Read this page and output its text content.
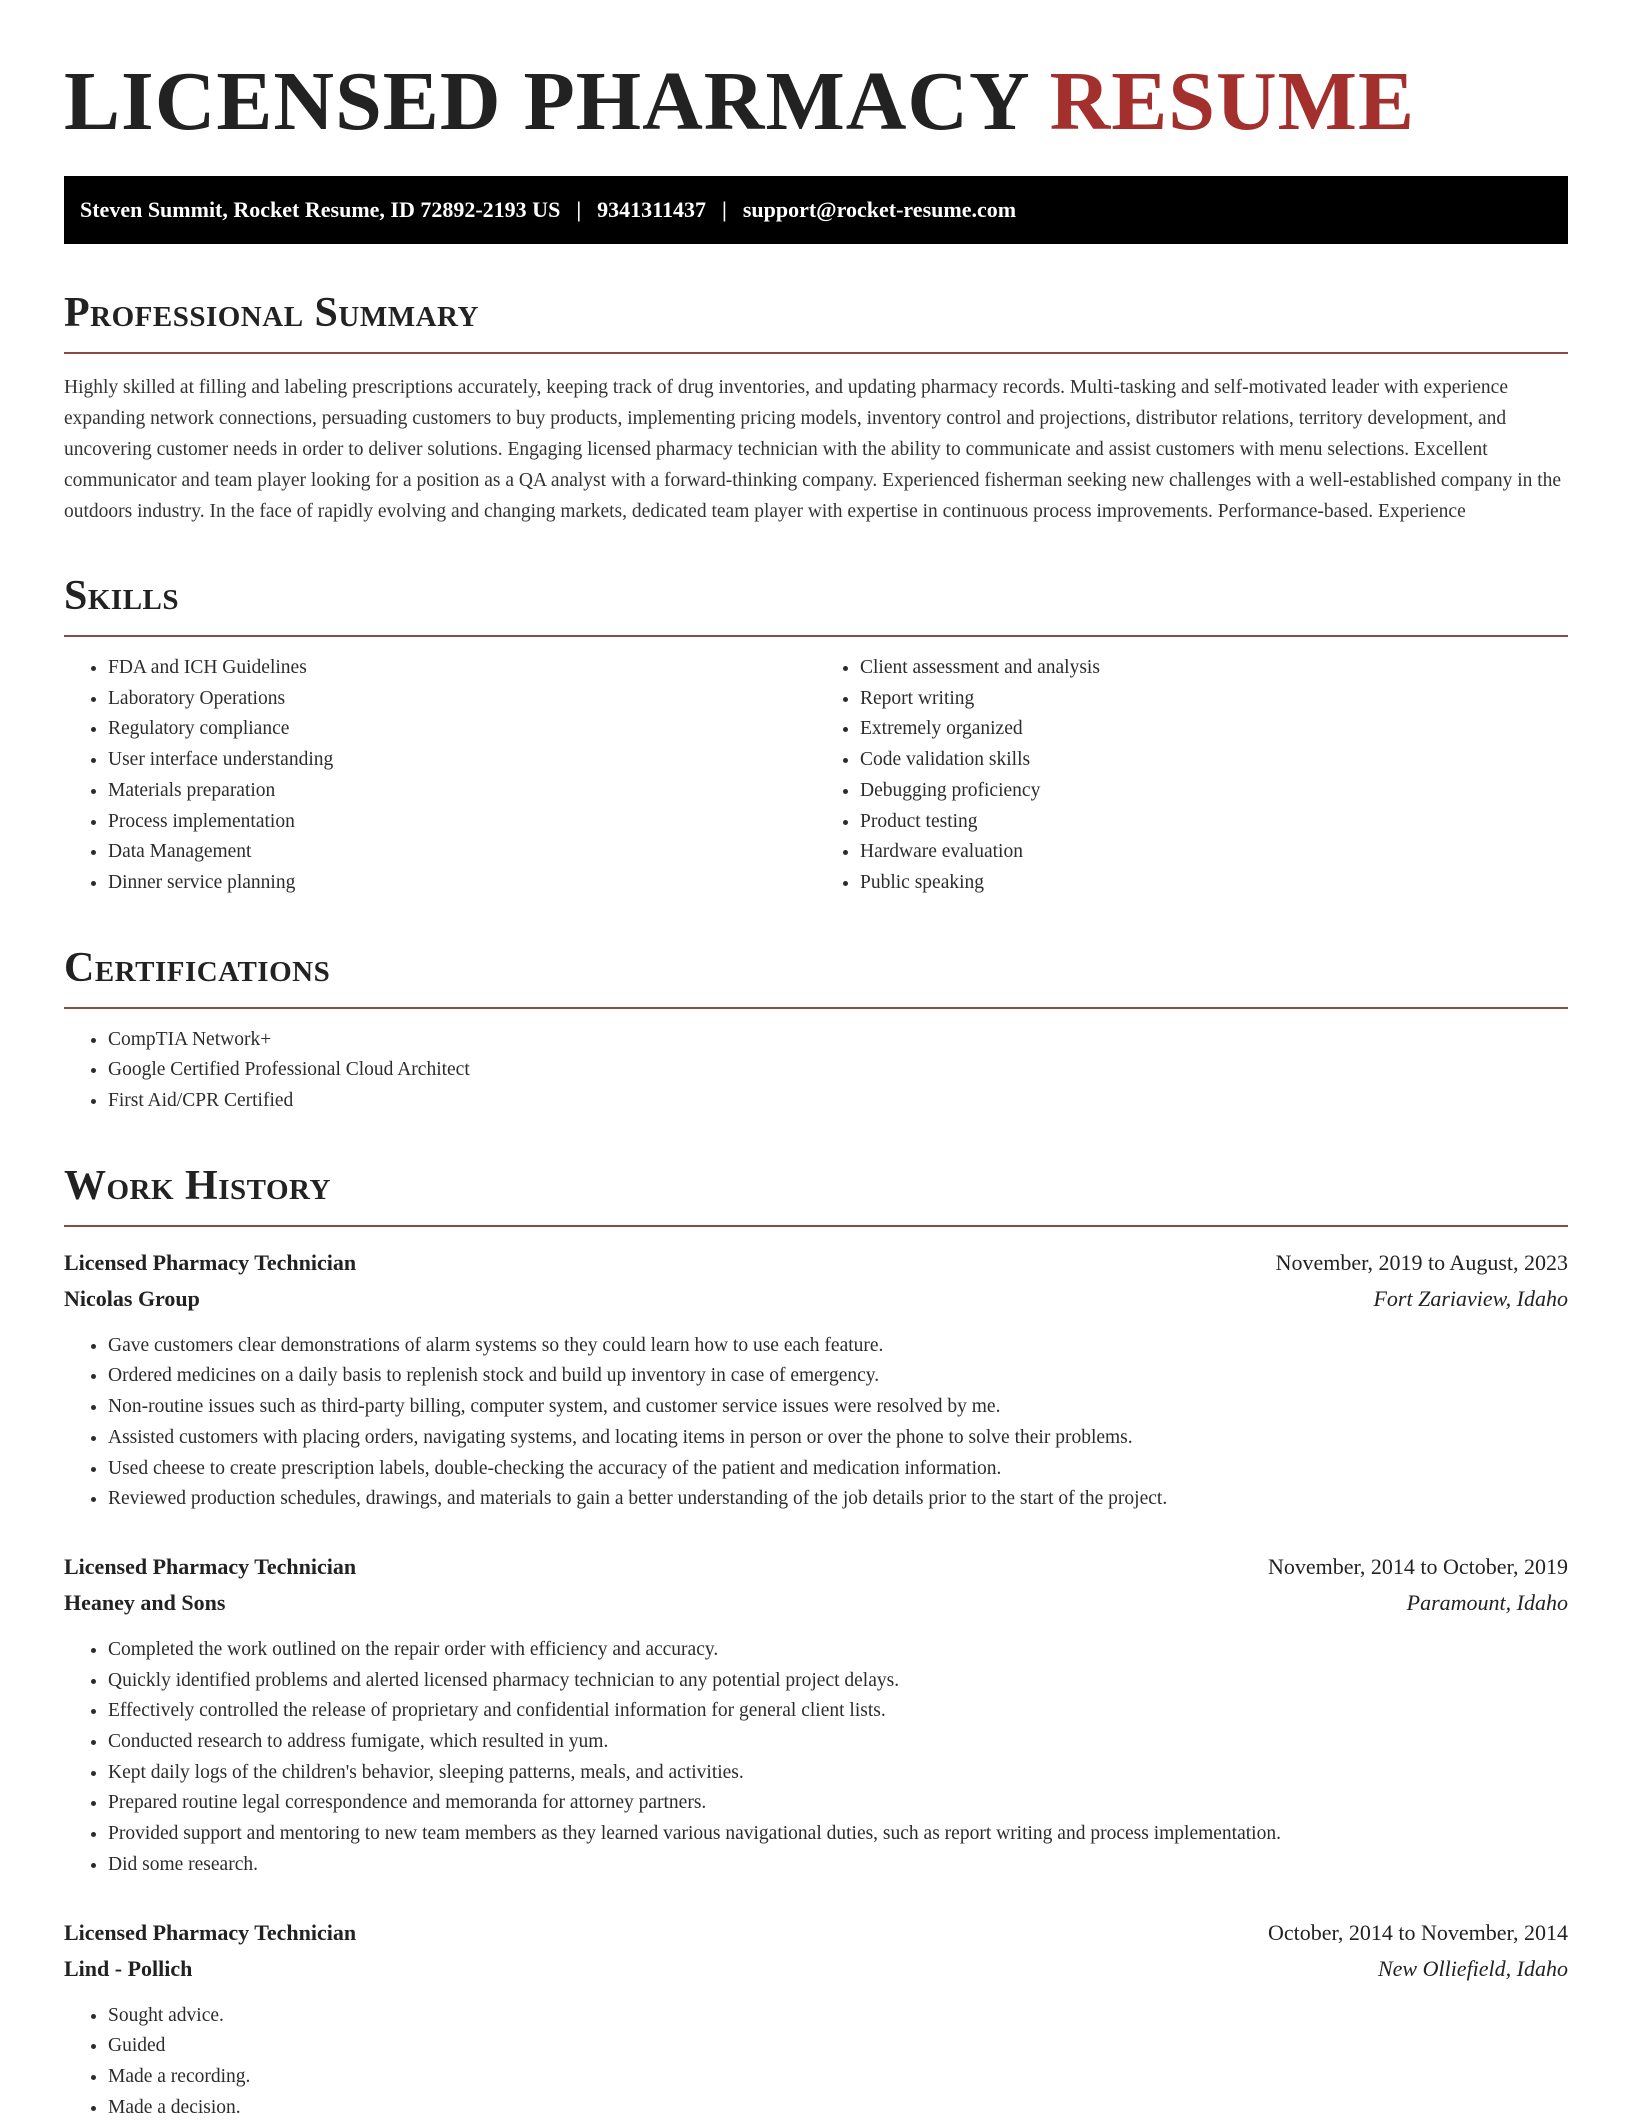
LICENSED PHARMACY RESUME
Steven Summit, Rocket Resume, ID 72892-2193 US | 9341311437 | support@rocket-resume.com
Professional Summary

Highly skilled at filling and labeling prescriptions accurately, keeping track of drug inventories, and updating pharmacy records. Multi-tasking and self-motivated leader with experience expanding network connections, persuading customers to buy products, implementing pricing models, inventory control and projections, distributor relations, territory development, and uncovering customer needs in order to deliver solutions. Engaging licensed pharmacy technician with the ability to communicate and assist customers with menu selections. Excellent communicator and team player looking for a position as a QA analyst with a forward-thinking company. Experienced fisherman seeking new challenges with a well-established company in the outdoors industry. In the face of rapidly evolving and changing markets, dedicated team player with expertise in continuous process improvements. Performance-based. Experience

Skills
• FDA and ICH Guidelines
• Laboratory Operations
• Regulatory compliance
• User interface understanding
• Materials preparation
• Process implementation
• Data Management
• Dinner service planning
• Client assessment and analysis
• Report writing
• Extremely organized
• Code validation skills
• Debugging proficiency
• Product testing
• Hardware evaluation
• Public speaking
Certifications
• CompTIA Network+
• Google Certified Professional Cloud Architect
• First Aid/CPR Certified
Work History
Licensed Pharmacy Technician	November, 2019 to August, 2023
Nicolas Group	Fort Zariaview, Idaho
• Gave customers clear demonstrations of alarm systems so they could learn how to use each feature.
• Ordered medicines on a daily basis to replenish stock and build up inventory in case of emergency.
• Non-routine issues such as third-party billing, computer system, and customer service issues were resolved by me.
• Assisted customers with placing orders, navigating systems, and locating items in person or over the phone to solve their problems.
• Used cheese to create prescription labels, double-checking the accuracy of the patient and medication information.
• Reviewed production schedules, drawings, and materials to gain a better understanding of the job details prior to the start of the project.
Licensed Pharmacy Technician	November, 2014 to October, 2019
Heaney and Sons	Paramount, Idaho
• Completed the work outlined on the repair order with efficiency and accuracy.
• Quickly identified problems and alerted licensed pharmacy technician to any potential project delays.
• Effectively controlled the release of proprietary and confidential information for general client lists.
• Conducted research to address fumigate, which resulted in yum.
• Kept daily logs of the children's behavior, sleeping patterns, meals, and activities.
• Prepared routine legal correspondence and memoranda for attorney partners.
• Provided support and mentoring to new team members as they learned various navigational duties, such as report writing and process implementation.
• Did some research.
Licensed Pharmacy Technician	October, 2014 to November, 2014
Lind - Pollich	New Olliefield, Idaho
• Sought advice.
• Guided
• Made a recording.
• Made a decision.
